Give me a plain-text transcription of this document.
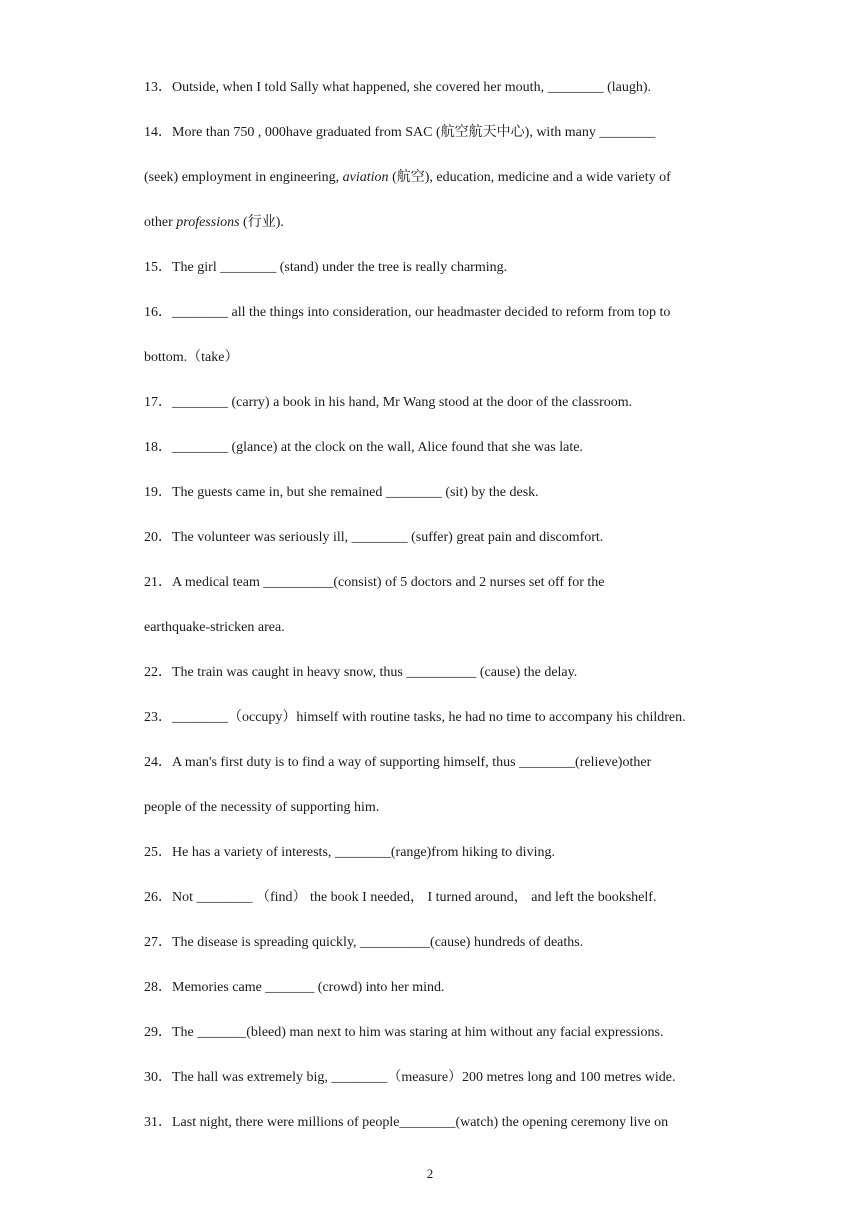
13．Outside, when I told Sally what happened, she covered her mouth, ________ (laugh).
14．More than 750 , 000have graduated from SAC (航空航天中心), with many ________
(seek) employment in engineering, aviation (航空), education, medicine and a wide variety of
other professions (行业).
15．The girl ________ (stand) under the tree is really charming.
16．________ all the things into consideration, our headmaster decided to reform from top to
bottom.（take）
17．________ (carry) a book in his hand, Mr Wang stood at the door of the classroom.
18．________ (glance) at the clock on the wall, Alice found that she was late.
19．The guests came in, but she remained ________ (sit) by the desk.
20．The volunteer was seriously ill, ________ (suffer) great pain and discomfort.
21．A medical team __________(consist) of 5 doctors and 2 nurses set off for the
earthquake-stricken area.
22．The train was caught in heavy snow, thus __________ (cause) the delay.
23．________（occupy）himself with routine tasks, he had no time to accompany his children.
24．A man's first duty is to find a way of supporting himself, thus ________(relieve)other
people of the necessity of supporting him.
25．He has a variety of interests, ________(range)from hiking to diving.
26．Not ________ （find） the book I needed， I turned around， and left the bookshelf.
27．The disease is spreading quickly, __________(cause) hundreds of deaths.
28．Memories came _______ (crowd) into her mind.
29．The _______(bleed) man next to him was staring at him without any facial expressions.
30．The hall was extremely big, ________（measure）200 metres long and 100 metres wide.
31．Last night, there were millions of people________(watch) the opening ceremony live on
2
